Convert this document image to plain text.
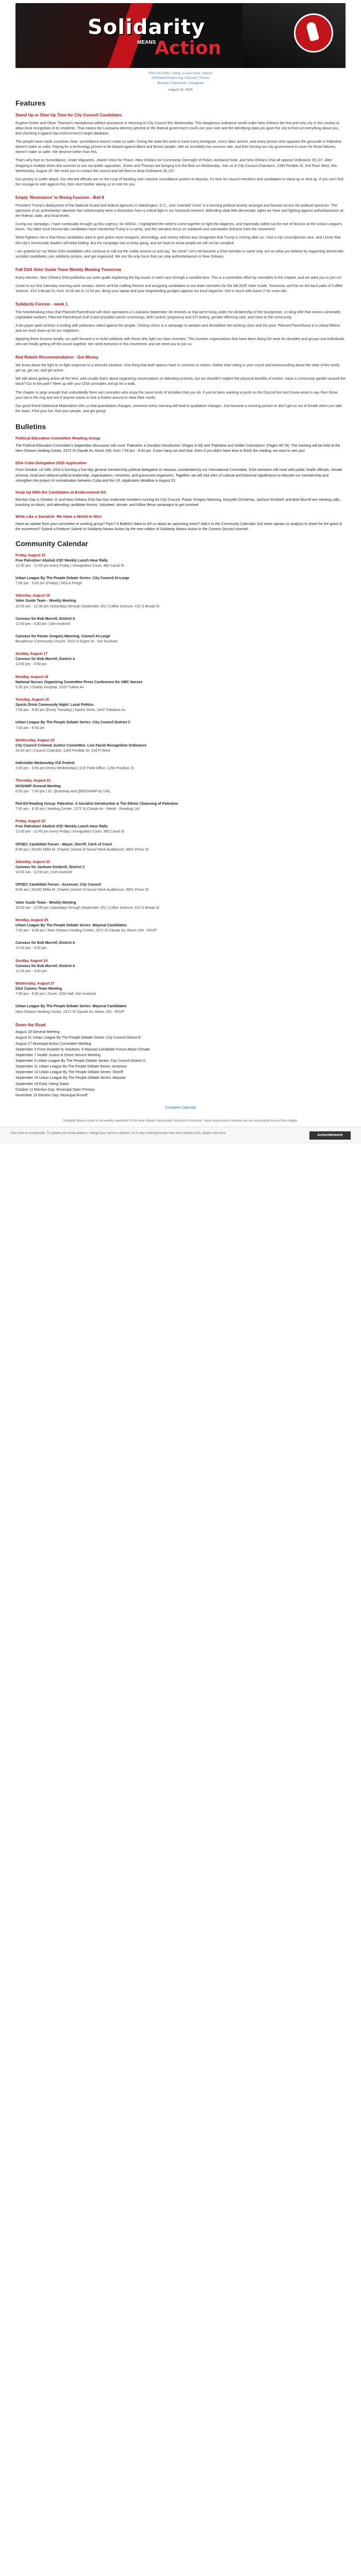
Solidarity
MEANS
Action
504-224-ORG | Verify | Local Store | Merch
DSANewOrleans.org | Discord | Forum
Bluesky | Facebook | Instagram
August 15, 2025
Features
Stand Up or Shut Up Time for City Council Candidates

Eugene Green and Oliver Thomas's reputational welfare assistance is returning to City Council this Wednesday. This dangerous ordinance would make New Orleans the first and only city in the country to allow local recognition of its residents. That means the Louisiana attorney general or the federal government could use your vote and the identifying data you gave the city to find out everything about you, and checking it against law enforcement's target database.

The people have made ourselves clear: surveillance doesn't make us safer. Giving the state the tools to track every immigrant, every labor activist, and every person who opposes the genocide in Palestine doesn't make us safer. Paying for a technology proven to be biased against Black and Brown people, with an incredibly low success rate, and then forcing our city government to cover for those failures, doesn't make us safer. We deserve better than this.

That's why Eye on Surveillance, Under Migrantes, Jewish Voice for Peace, New Orleans for Community Oversight of Police, Antiracist Note, and New Orleans DSA all oppose Ordinance 35,137. After dropping it multiple times this summer to sort out public opposition, Green and Thomas are bringing it to the floor on Wednesday. Join us in City Council Chambers, 1300 Perdido St, 2nd Floor West, this Wednesday, August 20. We need you to contact the council and tell them to drop Ordinance 35,137.

Our privacy is under attack. Our elected officials are on the cusp of handing over massive surveillance powers to fascists. It's time for council members and candidates to stand up or shut up. If you can't find the courage to vote against this, then don't bother asking us to vote for you.

Empty 'Resistance' to Rising Fascism - Ball 8

President Trump's deployment of the National Guard and federal agencies in Washington, D.C., over invented 'crime' is a looming political anxiety amongst anti-fascists across the political spectrum. The spectacle of an authoritarian takeover has unfortunately been a distraction from a critical fight in our historical moment: defending what little democratic rights we have and fighting against authoritarianism at the federal, state, and local levels.

During our campaign, I have continually brought up this urgency. On WDSU, I highlighted the need to come together to fight the oligarchs, and especially called out the rise of fascism at the Urban League's forum. Too often local Democratic candidates have mentioned Trump in a vanity, and the narrative focus on roadwork and stormwater distracts from the movement.

What frightens me is that these candidates want to give police more weapons, technology, and money without any recognition that Trump is coming after us. I lost a city councilperson race, and I know that this city's Democratic leaders will keep folding. But the campaign has to keep going, and we have to show people we will not be complicit.

I am grateful for my fellow DSA candidates who continue to call out the reality around us and say, 'No more!' Let's not become a DSA member in name only. Act on what you believe by supporting democratic socialist candidates, join solidarity actions, and get organized. We are the only force that can stop authoritarianism in New Orleans.

Fall DSA Voter Guide Team Weekly Meeting Tomorrow

Every election, New Orleans DSA publishes our voter guide explaining the big issues in each race through a socialist lens. This is a committee effort by comrades in the chapter, and we want you to join us!

Come to our first Saturday morning work session, where we'll be crafting themes and assigning candidates to our team members for the fall 2025 Voter Guide. Tomorrow, we'll be on the back patio of Coffee Science, 410 S Broad St, from 10:00 am to 12:00 pm. Bring your laptop and your longstanding grudges against our local oligarchs. Get in touch with Aaron Z for more info.

Solidarity Forever - week 1

The heartbreaking news that Planned Parenthood will close operations in Louisiana September 30 reminds us that we're living under the dictatorship of the bourgeoisie, a ruling elite that means vulnerable, exploitable workers. Planned Parenthood Gulf Coast provided cancer screenings, birth control, pregnancy and STI testing, gender-affirming care, and more to the community.

A tax-payer paid contract is ending with politicians sided against the people. Closing clinics is a campaign to weaken and destabilize the working class and the poor. Planned Parenthood is a critical lifeline, and we must show up for our neighbors.

Applying these lessons locally, our path forward is to build solidarity with those who fight our class enemies. This involves organizations that have been doing the work for decades and groups and individuals who are finally getting off the couch together. We need everyone in this movement, and we need you to join us.

Red Rebels Recommendation - Get Money

We know about the fight to re-fight response to a stressful situation. One thing that both options have in common is motion. Rather than sitting in your couch and doomscrolling about the state of the world, get up, get out, and get active.

We talk about getting active all the time, and usually that's about organizing conversations or attending protests, but we shouldn't neglect the physical benefits of motion. Have a community garden around the block? Go to the park? Meet up with your DSA comrades and go for a walk.

The chapter is large enough that undoubtedly there are comrades who enjoy the same kinds of activities that you do. If you've been wanting to push on the Discord but don't know what to say, then throw your hat in the ring and see if anyone wants to kick a frisbee around to clear their minds.

Our good friend Dialectical Materialism tells us that quantitative changes, someone every morning will lead to qualitative changes. Just become a morning person or don't get so out of breath when you take the stairs. Find your fun, find your people, and get going!

Bulletins
Political Education Committee Reading Group

The Political Education Committee's September discussion will cover 'Palestine: A Socialist Introduction' (Pages 9-36) and 'Palestine and Settler Colonialism' (Pages 46-78). The meeting will be held at the New Orleans Healing Center, 2372 St Claude Av, Room 205, from 7:00 pm - 8:30 pm. Come hang out and chat. Even if you didn't have time to finish the reading, we want to see you!

DSA Cuba Delegation 2025 Application

From October 14-19th, DSA is forming a five-day general membership political delegation to Havana, coordinated by our International Committee. DSA members will meet with public health officials, climate activists, local and national political leadership, organizations, ministries, and grassroots organizers. Together, we will visit sites of cultural and historical significance to educate our membership and strengthen the project of normalization between Cuba and the US. Application deadline is August 23.

Keep Up With the Candidates at Endorsement Kit

Election Day is October 11 and New Orleans DSA has four endorsed members running for City Council, Pastor Gregory Manning, Danyelle Christmas, Jackson Kimbrell, and Bob Murrell are meeting calls, knocking on doors, and attending candidate forums. Volunteer, donate, and follow these campaigns to get involved.

Write Like a Socialist: We Have a World to Win!

Have an update from your committee or working group? Flyer? A Bulletin! Want to tell us about an upcoming event? Add it to the Community Calendar! Got some opinion or analysis to share for the good of the movement? Submit a Feature! Submit to Solidarity Means Action by the next edition of Solidarity Means Action in the Comms Discord channel.

Community Calendar
Friday, August 15
Free Palestine! Abolish ICE! Weekly Lunch Hour Rally
12:00 pm - 12:45 pm every Friday | Immigration Court, 365 Canal St
Urban League By The People Debate Series: City Council At-Large
7:00 pm - 9:00 pm (Friday) | NOLA Fringe
Saturday, August 16
Voter Guide Team - Weekly Meeting
10:00 am - 12:00 pm (Saturdays through September 20) | Coffee Science, 410 S Broad St
Canvass for Bob Murrell, District A
12:00 pm - 3:00 pm | Get Involved
Canvass for Pastor Gregory Manning, Council At-Large
Broadmoor Community Church, 2022 S Dupre St - Get Involved
Sunday, August 17
Canvass for Bob Murrell, District A
12:00 pm - 3:00 pm
Monday, August 18
National Nurses Organizing Committee Press Conference for UMC Nurses
5:30 pm | Charity Hospital, 1520 Tulane Av
Tuesday, August 19
Sports Drink Community Night: Local Politics
7:00 pm - 9:00 pm (Every Tuesday) | Sports Drink, 2442 Toledano Av
Urban League By The People Debate Series: City Council District C
7:00 pm - 9:00 pm
Wednesday, August 20
City Council Criminal Justice Committee: Live Facial Recognition Ordinance
10:00 am | Council Chamber, 1300 Perdido St, 2nd Fl West
Indivisible Wednesday ICE Protest
2:00 pm - 3:00 pm (every Wednesday) | ICE Field Office, 1250 Poydras St
Thursday, August 21
NOSHWP General Meeting
6:00 pm - 7:00 pm | IG: @noshwp and @NOSHWP by UNL
Poli-Ed Reading Group: Palestine: A Socialist Introduction & The Ethnic Cleansing of Palestine
7:00 pm - 8:30 pm | Healing Center, 2372 St Claude Av - Needi - Reading List
Friday, August 22
Free Palestine! Abolish ICE! Weekly Lunch Hour Rally
12:00 pm - 12:45 pm every Friday | Immigration Court, 365 Canal St
OPSEC Candidate Forum - Mayor, Sheriff, Clerk of Court
6:00 pm | SUNO Millie M. Charles School of Social Work Auditorium, 6801 Press Dr
Saturday, August 23
Canvass for Jackson Kimbrell, District C
10:00 am - 12:00 pm | Get Involved
OPSEC Candidate Forum - Assessor, City Council
9:00 am | SUNO Millie M. Charles School of Social Work Auditorium, 6801 Press Dr
Voter Guide Team - Weekly Meeting
10:00 am - 12:00 pm (Saturdays through September 20) | Coffee Science, 410 S Broad St
Monday, August 25
Urban League By The People Debate Series: Mayoral Candidates
7:00 pm - 9:00 pm | New Orleans Healing Center, 2372 St Claude Av, Room 204 - RSVP
Canvass for Bob Murrell, District A
12:00 pm - 3:00 pm
Sunday, August 24
Canvass for Bob Murrell, District A
12:00 pm - 3:00 pm
Wednesday, August 27
DSA Comms Team Meeting
7:00 pm - 8:30 pm | Zoom, DSA Hall; Get Involved
Urban League By The People Debate Series: Mayoral Candidates
New Orleans Healing Center, 2372 St Claude Av, Room 204 - RSVP
Down the Road
August 29 General Meeting
August 31 Urban League By The People Debate Series: City Council District E
August 27 Municipal Action Committee Meeting
September 3 From Disaster to Solutions: A Mayoral Candidate Forum About Climate
September 7 Health Justice & Direct Service Meeting
September 9 Urban League By The People Debate Series: City Council District D
September 11 Urban League By The People Debate Series: Assessor
September 13 Urban League By The People Debate Series: Sheriff
September 24 Urban League By The People Debate Series: Mayoral
September 19 Early Voting Starts
October 11 Election Day: Municipal Open Primary
November 15 Election Day: Municipal Runoff
Complete Calendar
Solidarity Means Action is the weekly newsletter of the New Orleans Democratic Socialists of America. Views expressed in features are not necessarily those of the chapter.
Click here to unsubscribe. To update your email address, change your name or address, or to stop receiving emails from New Orleans DSA, please click here.	ActionNetwork
